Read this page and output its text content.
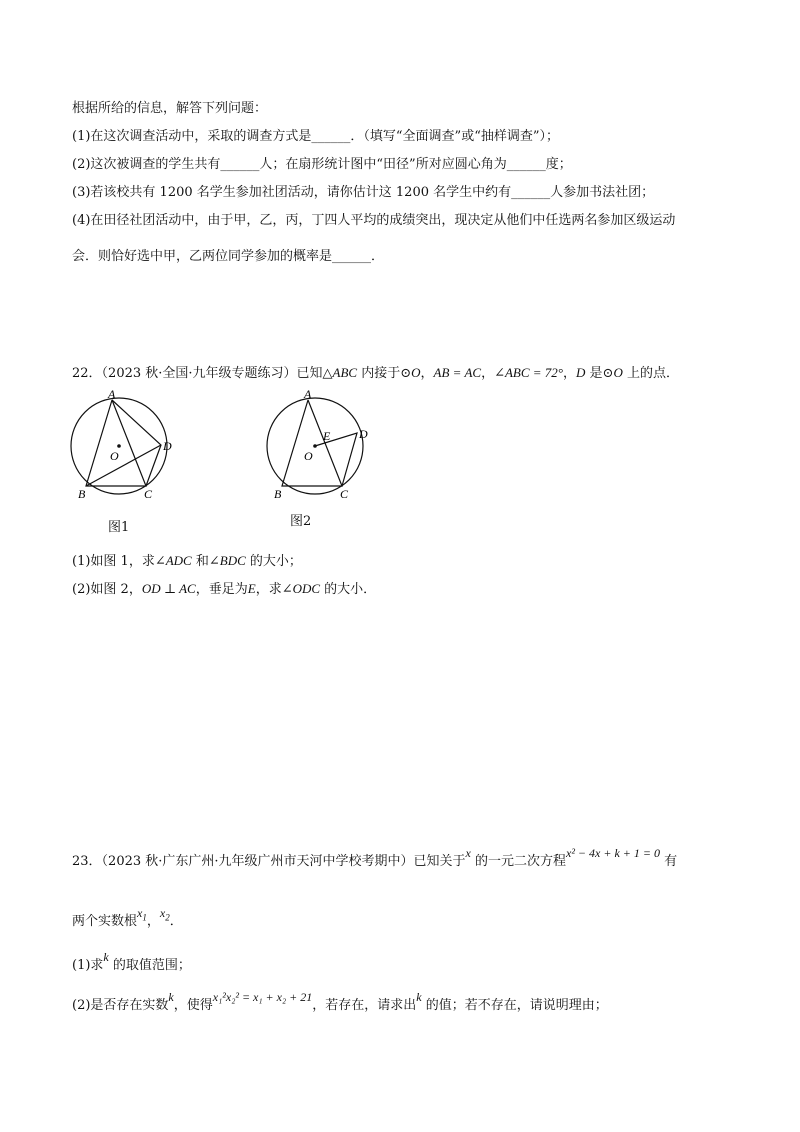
根据所给的信息，解答下列问题：
(1)在这次调查活动中，采取的调查方式是______．（填写“全面调查”或“抽样调查”）；
(2)这次被调查的学生共有______人；在扇形统计图中“田径”所对应圆心角为______度；
(3)若该校共有 1200 名学生参加社团活动，请你估计这 1200 名学生中约有______人参加书法社团；
(4)在田径社团活动中，由于甲，乙，丙，丁四人平均的成绩突出，现决定从他们中任选两名参加区级运动
会．则恰好选中甲，乙两位同学参加的概率是______．
22．（2023 秋·全国·九年级专题练习）已知△ABC 内接于⊙O，AB = AC，∠ABC = 72°，D 是⊙O 上的点．
A
B	C
D
O
图1
A
B	C
D
O
E
图2
(1)如图 1，求∠ADC 和∠BDC 的大小；
(2)如图 2，OD ⊥ AC，垂足为E，求∠ODC 的大小．
23．（2023 秋·广东广州·九年级广州市天河中学校考期中）已知关于x 的一元二次方程x² − 4x + k + 1 = 0 有
两个实数根$x_1$，$x_2$．
(1)求k 的取值范围；
(2)是否存在实数k，使得x₁²x₂² = x₁ + x₂ + 21，若存在，请求出k 的值；若不存在，请说明理由；
